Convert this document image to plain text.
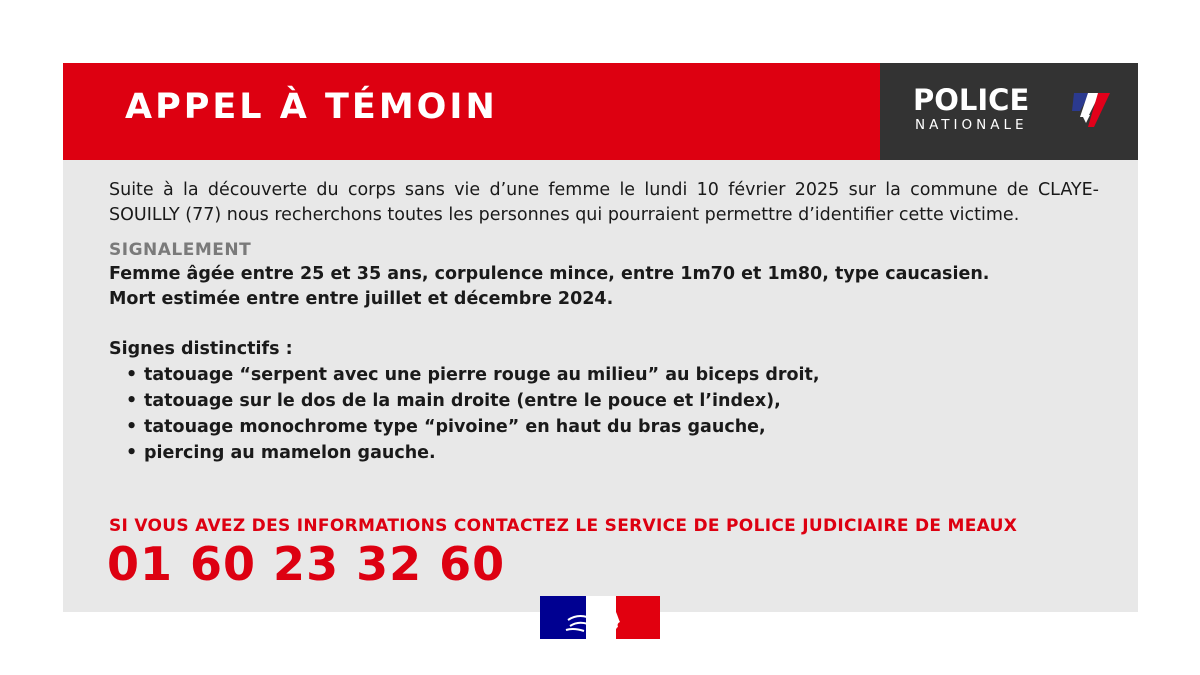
APPEL À TÉMOIN	POLICE
NATIONALE

Suite à la découverte du corps sans vie d’une femme le lundi 10 février 2025 sur la commune de CLAYE-SOUILLY (77) nous recherchons toutes les personnes qui pourraient permettre d’identifier cette victime.

SIGNALEMENT
Femme âgée entre 25 et 35 ans, corpulence mince, entre 1m70 et 1m80, type caucasien.
Mort estimée entre entre juillet et décembre 2024.
Signes distinctifs :
• tatouage “serpent avec une pierre rouge au milieu” au biceps droit,
• tatouage sur le dos de la main droite (entre le pouce et l’index),
• tatouage monochrome type “pivoine” en haut du bras gauche,
• piercing au mamelon gauche.
SI VOUS AVEZ DES INFORMATIONS CONTACTEZ LE SERVICE DE POLICE JUDICIAIRE DE MEAUX
01 60 23 32 60
